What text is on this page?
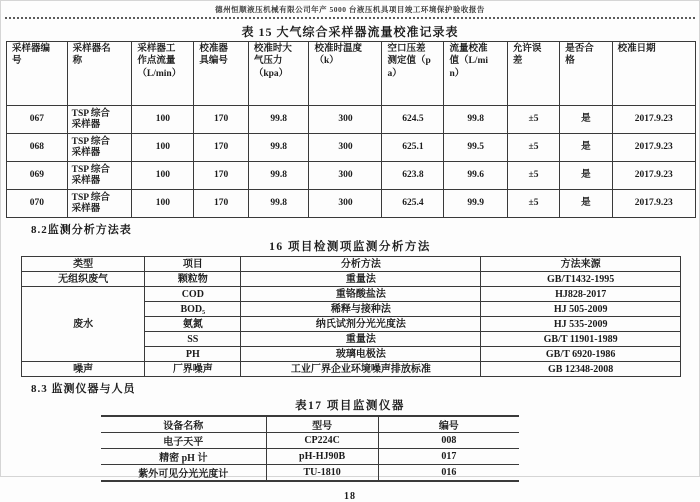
德州恒顺液压机械有限公司年产 5000 台液压机具项目竣工环境保护验收报告
表 15 大气综合采样器流量校准记录表
采样器编号	采样器名称	采样器工作点流量（L/min）	校准器具编号	校准时大气压力（kpa）	校准时温度（k）	空口压差测定值（pa）	流量校准值（L/min）	允许误差	是否合格	校准日期
067	TSP 综合采样器	100	170	99.8	300	624.5	99.8	±5	是	2017.9.23
068	TSP 综合采样器	100	170	99.8	300	625.1	99.5	±5	是	2017.9.23
069	TSP 综合采样器	100	170	99.8	300	623.8	99.6	±5	是	2017.9.23
070	TSP 综合采样器	100	170	99.8	300	625.4	99.9	±5	是	2017.9.23
8.2监测分析方法表
16 项目检测项监测分析方法
类型	项目	分析方法	方法来源
无组织废气	颗粒物	重量法	GB/T1432-1995
废水	COD	重铬酸盐法	HJ828-2017
	BOD₅	稀释与接种法	HJ 505-2009
	氨氮	纳氏试剂分光光度法	HJ 535-2009
	SS	重量法	GB/T 11901-1989
	PH	玻璃电极法	GB/T 6920-1986
噪声	厂界噪声	工业厂界企业环境噪声排放标准	GB 12348-2008
8.3 监测仪器与人员
表17 项目监测仪器
设备名称	型号	编号
电子天平	CP224C	008
精密 pH 计	pH-HJ90B	017
紫外可见分光光度计	TU-1810	016
18
